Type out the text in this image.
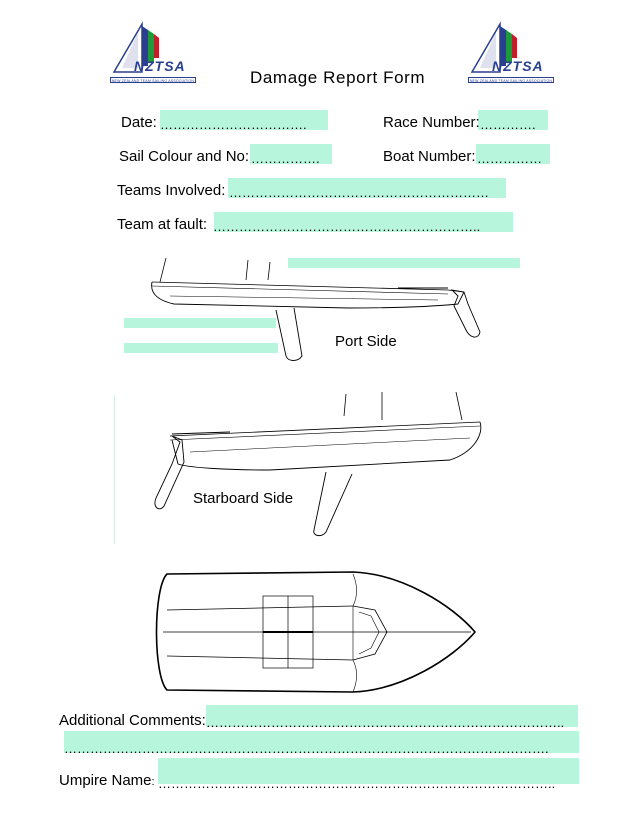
NZTSA
NEW ZEALAND TEAM SAILING ASSOCIATION
NZTSA
NEW ZEALAND TEAM SAILING ASSOCIATION
Damage Report Form
Date: …………………………….	Race Number: ………….
Sail Colour and No: …………….	Boat Number: ……………
Teams Involved: ……………………………………………………
Team at fault: ……………………………………………………..
Port Side
Starboard Side
Additional Comments: ………………………………………………………………………..
………………………………………………………………………………………………….
Umpire Name: ………………………………………………………………………………..
